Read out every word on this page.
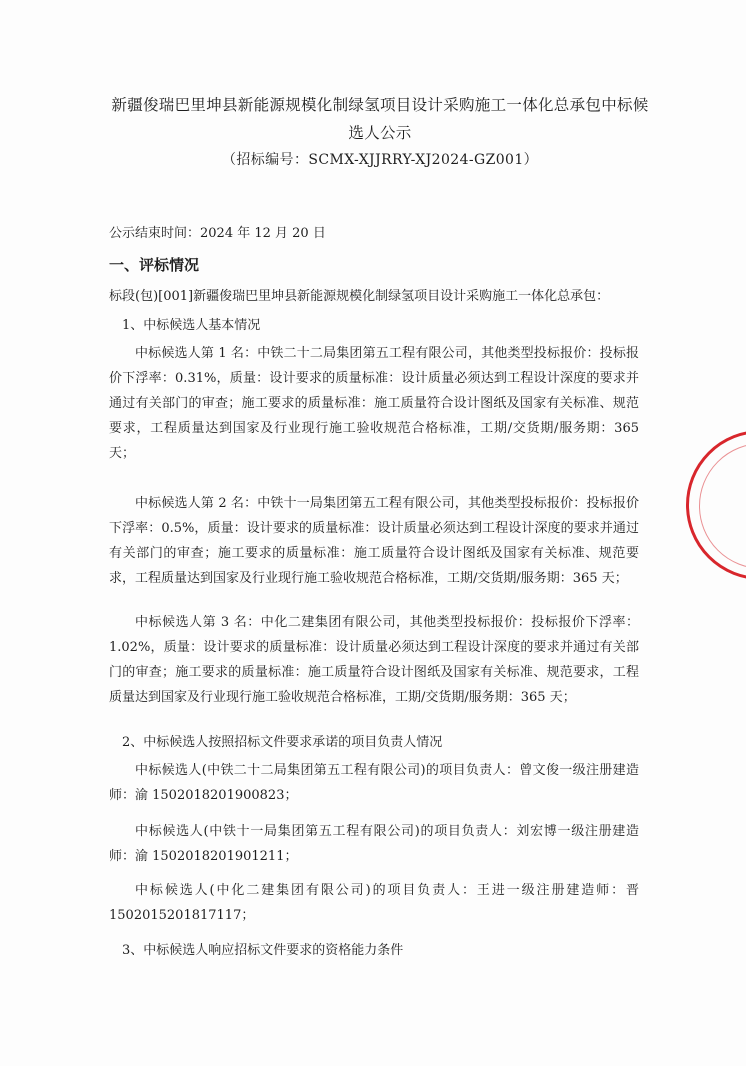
新疆俊瑞巴里坤县新能源规模化制绿氢项目设计采购施工一体化总承包中标候
选人公示
（招标编号：SCMX-XJJRRY-XJ2024-GZ001）
公示结束时间：2024 年 12 月 20 日
一、评标情况
标段(包)[001]新疆俊瑞巴里坤县新能源规模化制绿氢项目设计采购施工一体化总承包：
1、中标候选人基本情况
中标候选人第 1 名：中铁二十二局集团第五工程有限公司，其他类型投标报价：投标报价下浮率：0.31%，质量：设计要求的质量标准：设计质量必须达到工程设计深度的要求并通过有关部门的审查；施工要求的质量标准：施工质量符合设计图纸及国家有关标准、规范要求，工程质量达到国家及行业现行施工验收规范合格标准，工期/交货期/服务期：365 天；
中标候选人第 2 名：中铁十一局集团第五工程有限公司，其他类型投标报价：投标报价下浮率：0.5%，质量：设计要求的质量标准：设计质量必须达到工程设计深度的要求并通过有关部门的审查；施工要求的质量标准：施工质量符合设计图纸及国家有关标准、规范要求，工程质量达到国家及行业现行施工验收规范合格标准，工期/交货期/服务期：365 天；
中标候选人第 3 名：中化二建集团有限公司，其他类型投标报价：投标报价下浮率：1.02%，质量：设计要求的质量标准：设计质量必须达到工程设计深度的要求并通过有关部门的审查；施工要求的质量标准：施工质量符合设计图纸及国家有关标准、规范要求，工程质量达到国家及行业现行施工验收规范合格标准，工期/交货期/服务期：365 天；
2、中标候选人按照招标文件要求承诺的项目负责人情况
中标候选人(中铁二十二局集团第五工程有限公司)的项目负责人：曾文俊一级注册建造师：渝 1502018201900823；
中标候选人(中铁十一局集团第五工程有限公司)的项目负责人：刘宏博一级注册建造师：渝 1502018201901211；
中标候选人(中化二建集团有限公司)的项目负责人：王进一级注册建造师：晋 1502015201817117；
3、中标候选人响应招标文件要求的资格能力条件
